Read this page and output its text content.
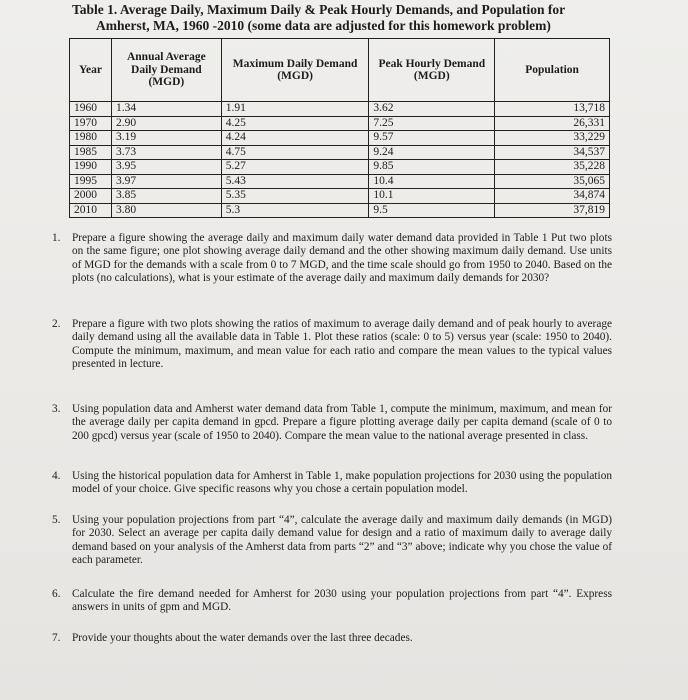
Table 1. Average Daily, Maximum Daily & Peak Hourly Demands, and Population for
Amherst, MA, 1960 -2010 (some data are adjusted for this homework problem)
Year	Annual Average Daily Demand (MGD)	Maximum Daily Demand (MGD)	Peak Hourly Demand (MGD)	Population
1960	1.34	1.91	3.62	13,718
1970	2.90	4.25	7.25	26,331
1980	3.19	4.24	9.57	33,229
1985	3.73	4.75	9.24	34,537
1990	3.95	5.27	9.85	35,228
1995	3.97	5.43	10.4	35,065
2000	3.85	5.35	10.1	34,874
2010	3.80	5.3	9.5	37,819
1. Prepare a figure showing the average daily and maximum daily water demand data provided in Table 1 Put two plots on the same figure; one plot showing average daily demand and the other showing maximum daily demand. Use units of MGD for the demands with a scale from 0 to 7 MGD, and the time scale should go from 1950 to 2040. Based on the plots (no calculations), what is your estimate of the average daily and maximum daily demands for 2030?
2. Prepare a figure with two plots showing the ratios of maximum to average daily demand and of peak hourly to average daily demand using all the available data in Table 1. Plot these ratios (scale: 0 to 5) versus year (scale: 1950 to 2040). Compute the minimum, maximum, and mean value for each ratio and compare the mean values to the typical values presented in lecture.
3. Using population data and Amherst water demand data from Table 1, compute the minimum, maximum, and mean for the average daily per capita demand in gpcd. Prepare a figure plotting average daily per capita demand (scale of 0 to 200 gpcd) versus year (scale of 1950 to 2040). Compare the mean value to the national average presented in class.
4. Using the historical population data for Amherst in Table 1, make population projections for 2030 using the population model of your choice. Give specific reasons why you chose a certain population model.
5. Using your population projections from part “4”, calculate the average daily and maximum daily demands (in MGD) for 2030. Select an average per capita daily demand value for design and a ratio of maximum daily to average daily demand based on your analysis of the Amherst data from parts “2” and “3” above; indicate why you chose the value of each parameter.
6. Calculate the fire demand needed for Amherst for 2030 using your population projections from part “4”. Express answers in units of gpm and MGD.
7. Provide your thoughts about the water demands over the last three decades.
